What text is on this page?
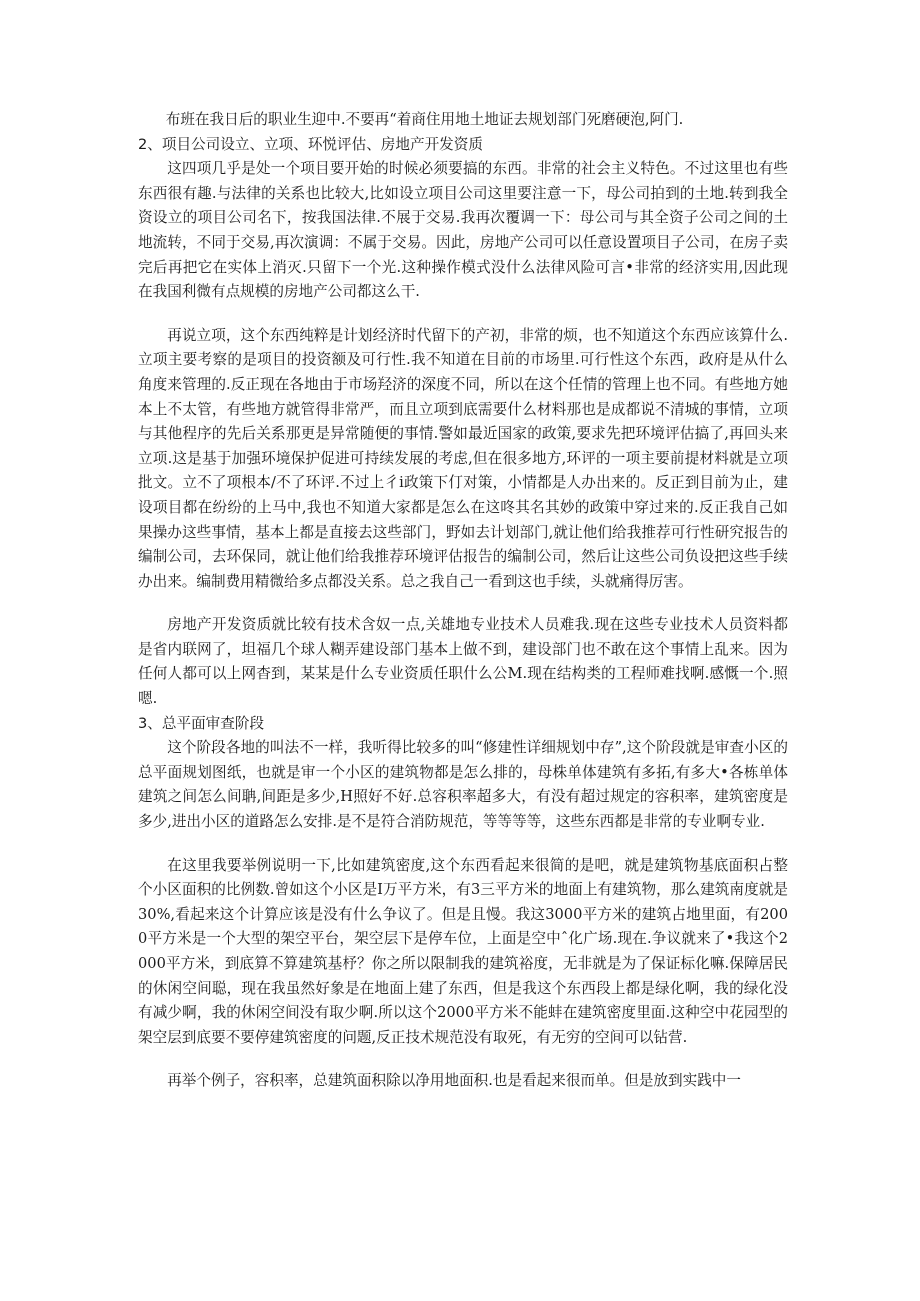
布班在我日后的职业生迎中.不要再“着商住用地土地证去规划部门死磨硬泡,阿门.

2、项目公司设立、立项、环悦评估、房地产开发资质

这四项几乎是处一个项目要开始的时候必须要搞的东西。非常的社会主义特色。不过这里也有些东西很有趣.与法律的关系也比较大,比如设立项目公司这里要注意一下，母公司拍到的土地.转到我全资设立的项目公司名下，按我国法律.不展于交易.我再次覆调一下：母公司与其全资子公司之间的土地流转，不同于交易,再次演调：不属于交易。因此，房地产公司可以任意设置项目子公司，在房子卖完后再把它在实体上消灭.只留下一个光.这种操作模式没什么法律风险可言•非常的经济实用,因此现在我国利微有点规模的房地产公司都这么干.

再说立项，这个东西纯粹是计划经济时代留下的产初，非常的烦，也不知道这个东西应该算什么.立项主要考察的是项目的投资额及可行性.我不知道在目前的市场里.可行性这个东西，政府是从什么角度来管理的.反正现在各地由于市场羟济的深度不同，所以在这个任情的管理上也不同。有些地方她本上不太管，有些地方就管得非常严，而且立项到底需要什么材料那也是成都说不清城的事情，立项与其他程序的先后关系那更是异常随便的事情.警如最近国家的政策,要求先把环境评估搞了,再回头来立项.这是基于加强环境保护促进可持续发展的考虑,但在很多地方,环评的一项主要前提材料就是立项批文。立不了项根本/不了环评.不过上彳i政策下仃对策，小情都是人办出来的。反正到目前为止，建设项目都在纷纷的上马中,我也不知道大家都是怎么在这咚其名其妙的政策中穿过来的.反正我自己如果操办这些事情，基本上都是直接去这些部门，野如去计划部门,就让他们给我推荐可行性研究报告的编制公司，去环保同，就让他们给我推荐环境评估报告的编制公司，然后让这些公司负设把这些手续办出来。编制费用精微给多点都没关系。总之我自己一看到这也手续，头就痛得厉害。

房地产开发资质就比较有技术含奴一点,关雄地专业技术人员难我.现在这些专业技术人员资料都是省内联网了，坦福几个球人糊弄建设部门基本上做不到，建设部门也不敢在这个事情上乱来。因为任何人都可以上网杳到，某某是什么专业资质任职什么公M.现在结构类的工程师难找啊.感慨一个.照嗯.

3、总平面审查阶段

这个阶段各地的叫法不一样，我听得比较多的叫“修建性详细规划中存”,这个阶段就是审查小区的总平面规划图纸，也就是审一个小区的建筑物都是怎么排的，母株单体建筑有多拓,有多大•各栋单体建筑之间怎么间聃,间距是多少,H照好不好.总容积率超多大，有没有超过规定的容积率，建筑密度是多少,进出小区的道路怎么安排.是不是符合消防规范，等等等等，这些东西都是非常的专业啊专业.

在这里我要举例说明一下,比如建筑密度,这个东西看起来很简的是吧，就是建筑物基底面积占整个小区面积的比例数.曾如这个小区是I万平方米，有3三平方米的地面上有建筑物，那么建筑南度就是30%,看起来这个计算应该是没有什么争议了。但是且慢。我这3000平方米的建筑占地里面，有2000平方米是一个大型的架空平台，架空层下是停车位，上面是空中ˆ化广场.现在.争议就来了•我这个2000平方米，到底算不算建筑基杼？你之所以限制我的建筑裕度，无非就是为了保证标化嘛.保障居民的休闲空间聪，现在我虽然好象是在地面上建了东西，但是我这个东西段上都是绿化啊，我的绿化没有减少啊，我的休闲空间没有取少啊.所以这个2000平方米不能蚌在建筑密度里面.这种空中花园型的架空层到底要不要停建筑密度的问题,反正技术规范没有取死，有无穷的空间可以钻营.

再举个例子，容积率，总建筑面积除以净用地面积.也是看起来很而单。但是放到实践中一
